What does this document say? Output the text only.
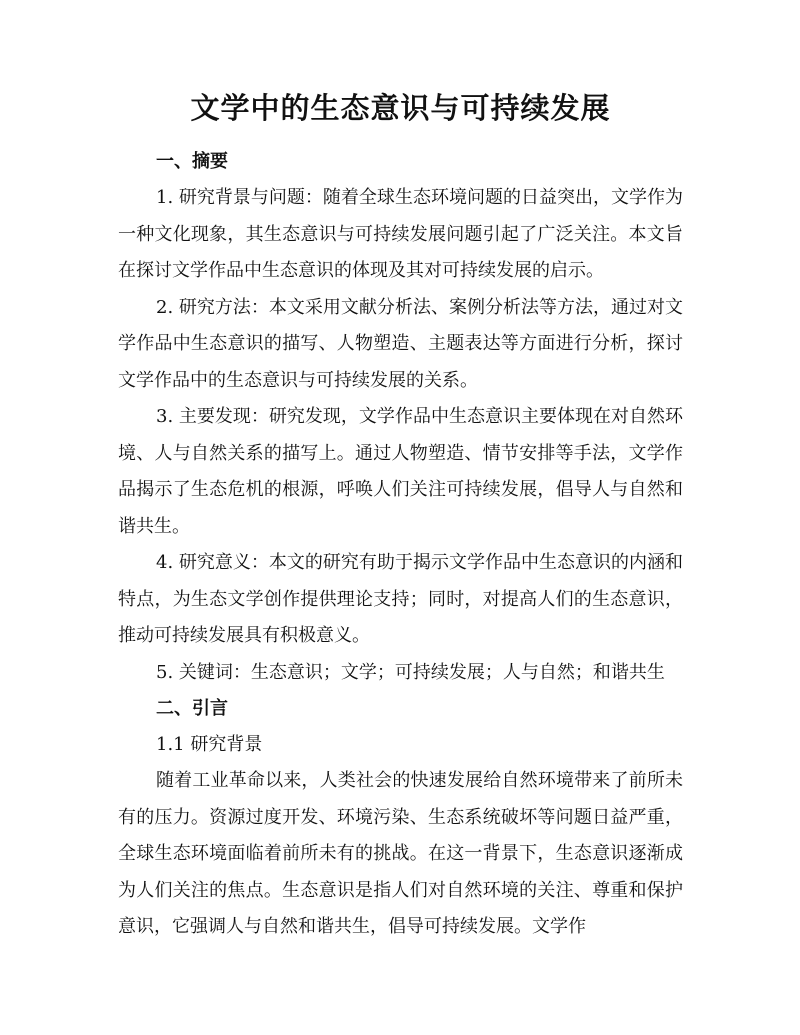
文学中的生态意识与可持续发展
一、摘要

1. 研究背景与问题：随着全球生态环境问题的日益突出，文学作为一种文化现象，其生态意识与可持续发展问题引起了广泛关注。本文旨在探讨文学作品中生态意识的体现及其对可持续发展的启示。

2. 研究方法：本文采用文献分析法、案例分析法等方法，通过对文学作品中生态意识的描写、人物塑造、主题表达等方面进行分析，探讨文学作品中的生态意识与可持续发展的关系。

3. 主要发现：研究发现，文学作品中生态意识主要体现在对自然环境、人与自然关系的描写上。通过人物塑造、情节安排等手法，文学作品揭示了生态危机的根源，呼唤人们关注可持续发展，倡导人与自然和谐共生。

4. 研究意义：本文的研究有助于揭示文学作品中生态意识的内涵和特点，为生态文学创作提供理论支持；同时，对提高人们的生态意识，推动可持续发展具有积极意义。

5. 关键词：生态意识；文学；可持续发展；人与自然；和谐共生

二、引言

1.1 研究背景

随着工业革命以来，人类社会的快速发展给自然环境带来了前所未有的压力。资源过度开发、环境污染、生态系统破坏等问题日益严重，全球生态环境面临着前所未有的挑战。在这一背景下，生态意识逐渐成为人们关注的焦点。生态意识是指人们对自然环境的关注、尊重和保护意识，它强调人与自然和谐共生，倡导可持续发展。文学作
